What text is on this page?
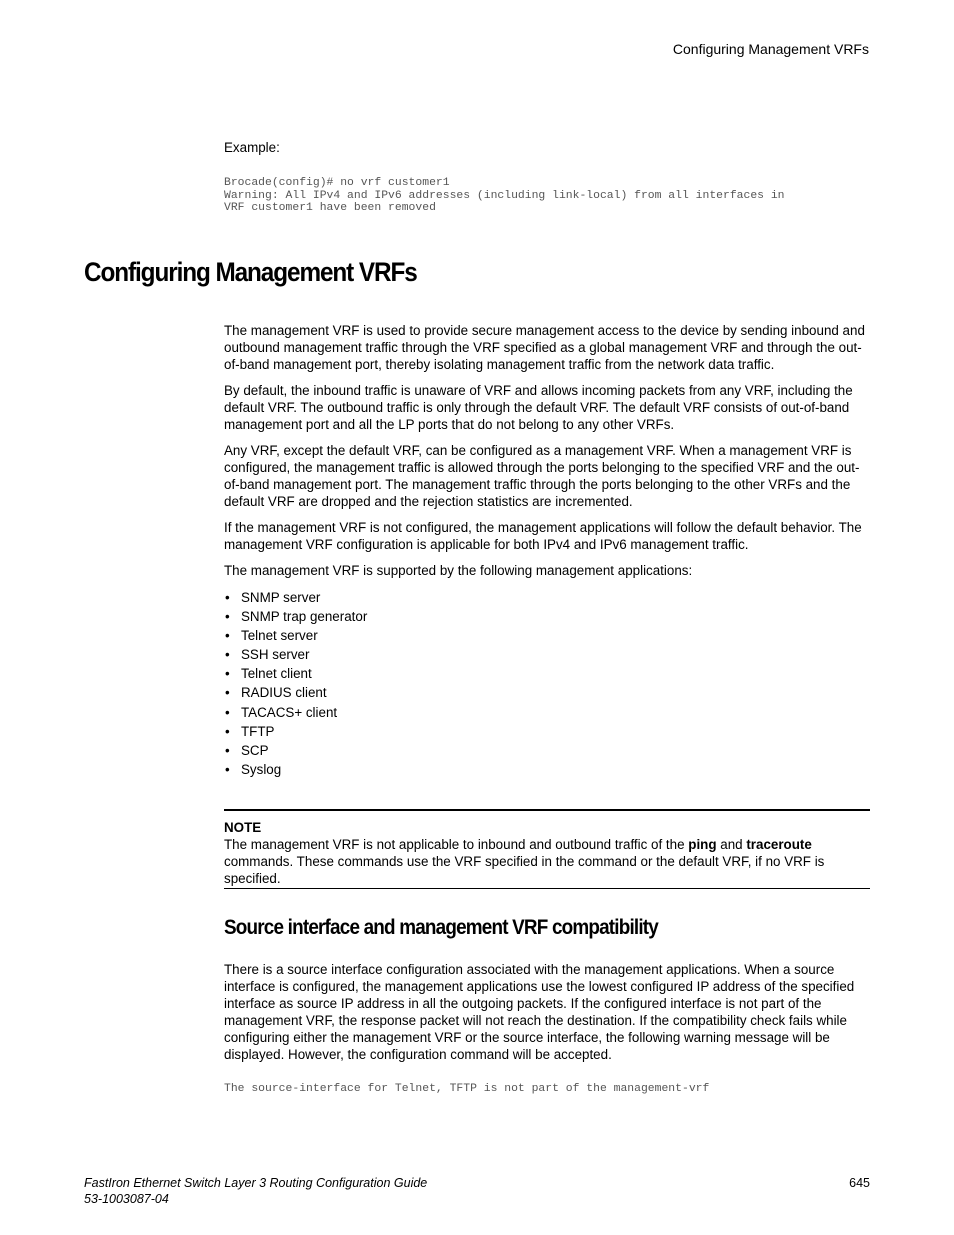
Configuring Management VRFs

Example:

Brocade(config)# no vrf customer1
Warning: All IPv4 and IPv6 addresses (including link-local) from all interfaces in
VRF customer1 have been removed
Configuring Management VRFs

The management VRF is used to provide secure management access to the device by sending inbound and outbound management traffic through the VRF specified as a global management VRF and through the out-of-band management port, thereby isolating management traffic from the network data traffic.

By default, the inbound traffic is unaware of VRF and allows incoming packets from any VRF, including the default VRF. The outbound traffic is only through the default VRF. The default VRF consists of out-of-band management port and all the LP ports that do not belong to any other VRFs.

Any VRF, except the default VRF, can be configured as a management VRF. When a management VRF is configured, the management traffic is allowed through the ports belonging to the specified VRF and the out-of-band management port. The management traffic through the ports belonging to the other VRFs and the default VRF are dropped and the rejection statistics are incremented.

If the management VRF is not configured, the management applications will follow the default behavior. The management VRF configuration is applicable for both IPv4 and IPv6 management traffic.

The management VRF is supported by the following management applications:

• SNMP server
• SNMP trap generator
• Telnet server
• SSH server
• Telnet client
• RADIUS client
• TACACS+ client
• TFTP
• SCP
• Syslog
NOTE

The management VRF is not applicable to inbound and outbound traffic of the ping and traceroute commands. These commands use the VRF specified in the command or the default VRF, if no VRF is specified.

Source interface and management VRF compatibility

There is a source interface configuration associated with the management applications. When a source interface is configured, the management applications use the lowest configured IP address of the specified interface as source IP address in all the outgoing packets. If the configured interface is not part of the management VRF, the response packet will not reach the destination. If the compatibility check fails while configuring either the management VRF or the source interface, the following warning message will be displayed. However, the configuration command will be accepted.

The source-interface for Telnet, TFTP is not part of the management-vrf
FastIron Ethernet Switch Layer 3 Routing Configuration Guide
53-1003087-04
645
